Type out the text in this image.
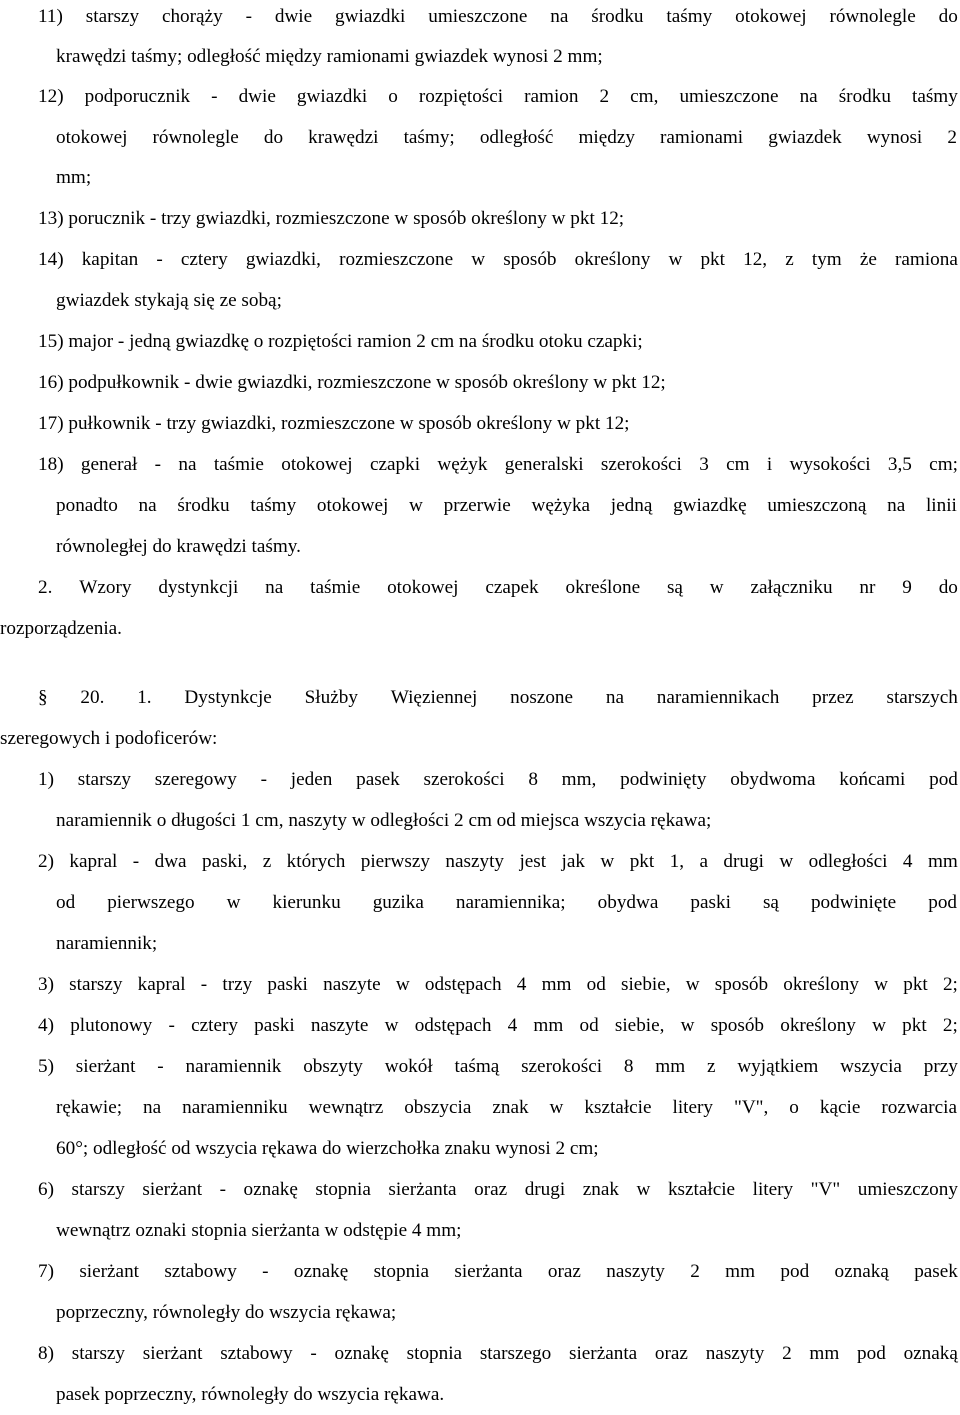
11) starszy chorąży - dwie gwiazdki umieszczone na środku taśmy otokowej równolegle do
krawędzi taśmy; odległość między ramionami gwiazdek wynosi 2 mm;
12) podporucznik - dwie gwiazdki o rozpiętości ramion 2 cm, umieszczone na środku taśmy
otokowej równolegle do krawędzi taśmy; odległość między ramionami gwiazdek wynosi 2
mm;
13) porucznik - trzy gwiazdki, rozmieszczone w sposób określony w pkt 12;
14) kapitan - cztery gwiazdki, rozmieszczone w sposób określony w pkt 12, z tym że ramiona
gwiazdek stykają się ze sobą;
15) major - jedną gwiazdkę o rozpiętości ramion 2 cm na środku otoku czapki;
16) podpułkownik - dwie gwiazdki, rozmieszczone w sposób określony w pkt 12;
17) pułkownik - trzy gwiazdki, rozmieszczone w sposób określony w pkt 12;
18) generał - na taśmie otokowej czapki wężyk generalski szerokości 3 cm i wysokości 3,5 cm;
ponadto na środku taśmy otokowej w przerwie wężyka jedną gwiazdkę umieszczoną na linii
równoległej do krawędzi taśmy.
2. Wzory dystynkcji na taśmie otokowej czapek określone są w załączniku nr 9 do
rozporządzenia.
§ 20. 1. Dystynkcje Służby Więziennej noszone na naramiennikach przez starszych
szeregowych i podoficerów:
1) starszy szeregowy - jeden pasek szerokości 8 mm, podwinięty obydwoma końcami pod
naramiennik o długości 1 cm, naszyty w odległości 2 cm od miejsca wszycia rękawa;
2) kapral - dwa paski, z których pierwszy naszyty jest jak w pkt 1, a drugi w odległości 4 mm
od pierwszego w kierunku guzika naramiennika; obydwa paski są podwinięte pod
naramiennik;
3) starszy kapral - trzy paski naszyte w odstępach 4 mm od siebie, w sposób określony w pkt 2;
4) plutonowy - cztery paski naszyte w odstępach 4 mm od siebie, w sposób określony w pkt 2;
5) sierżant - naramiennik obszyty wokół taśmą szerokości 8 mm z wyjątkiem wszycia przy
rękawie; na naramienniku wewnątrz obszycia znak w kształcie litery "V", o kącie rozwarcia
60°; odległość od wszycia rękawa do wierzchołka znaku wynosi 2 cm;
6) starszy sierżant - oznakę stopnia sierżanta oraz drugi znak w kształcie litery "V" umieszczony
wewnątrz oznaki stopnia sierżanta w odstępie 4 mm;
7) sierżant sztabowy - oznakę stopnia sierżanta oraz naszyty 2 mm pod oznaką pasek
poprzeczny, równoległy do wszycia rękawa;
8) starszy sierżant sztabowy - oznakę stopnia starszego sierżanta oraz naszyty 2 mm pod oznaką
pasek poprzeczny, równoległy do wszycia rękawa.
